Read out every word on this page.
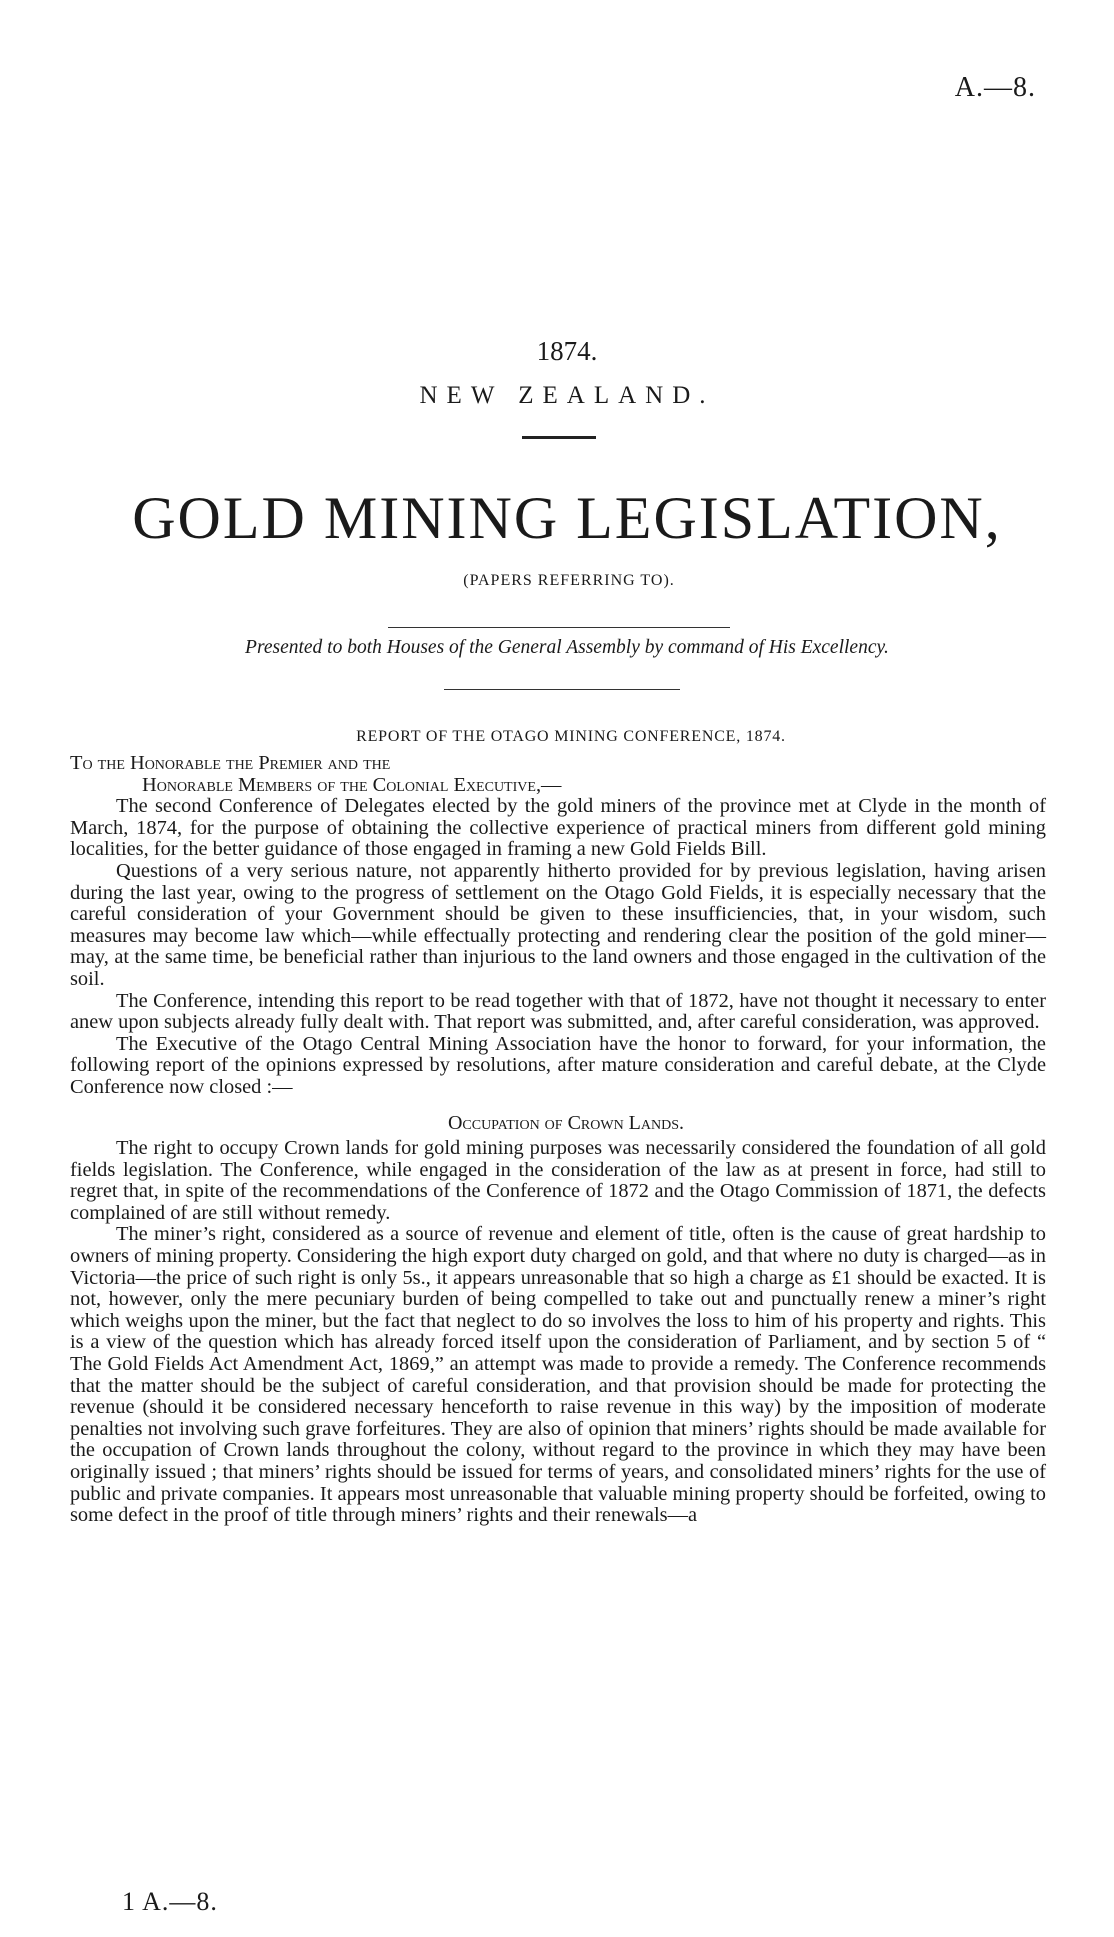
A.—8.
1874.
NEW ZEALAND.
GOLD MINING LEGISLATION,
(PAPERS REFERRING TO).
Presented to both Houses of the General Assembly by command of His Excellency.
REPORT OF THE OTAGO MINING CONFERENCE, 1874.
To the Honorable the Premier and the
Honorable Members of the Colonial Executive,—

The second Conference of Delegates elected by the gold miners of the province met at Clyde in the month of March, 1874, for the purpose of obtaining the collective experience of practical miners from different gold mining localities, for the better guidance of those engaged in framing a new Gold Fields Bill.

Questions of a very serious nature, not apparently hitherto provided for by previous legislation, having arisen during the last year, owing to the progress of settlement on the Otago Gold Fields, it is especially necessary that the careful consideration of your Government should be given to these insufficiencies, that, in your wisdom, such measures may become law which—while effectually protecting and rendering clear the position of the gold miner—may, at the same time, be beneficial rather than injurious to the land owners and those engaged in the cultivation of the soil.

The Conference, intending this report to be read together with that of 1872, have not thought it necessary to enter anew upon subjects already fully dealt with. That report was submitted, and, after careful consideration, was approved.

The Executive of the Otago Central Mining Association have the honor to forward, for your information, the following report of the opinions expressed by resolutions, after mature consideration and careful debate, at the Clyde Conference now closed :—

Occupation of Crown Lands.

The right to occupy Crown lands for gold mining purposes was necessarily considered the foundation of all gold fields legislation. The Conference, while engaged in the consideration of the law as at present in force, had still to regret that, in spite of the recommendations of the Conference of 1872 and the Otago Commission of 1871, the defects complained of are still without remedy.

The miner’s right, considered as a source of revenue and element of title, often is the cause of great hardship to owners of mining property. Considering the high export duty charged on gold, and that where no duty is charged—as in Victoria—the price of such right is only 5s., it appears unreasonable that so high a charge as £1 should be exacted. It is not, however, only the mere pecuniary burden of being compelled to take out and punctually renew a miner’s right which weighs upon the miner, but the fact that neglect to do so involves the loss to him of his property and rights. This is a view of the question which has already forced itself upon the consideration of Parliament, and by section 5 of “ The Gold Fields Act Amendment Act, 1869,” an attempt was made to provide a remedy. The Conference recommends that the matter should be the subject of careful consideration, and that provision should be made for protecting the revenue (should it be considered necessary henceforth to raise revenue in this way) by the imposition of moderate penalties not involving such grave forfeitures. They are also of opinion that miners’ rights should be made available for the occupation of Crown lands throughout the colony, without regard to the province in which they may have been originally issued ; that miners’ rights should be issued for terms of years, and consolidated miners’ rights for the use of public and private companies. It appears most unreasonable that valuable mining property should be forfeited, owing to some defect in the proof of title through miners’ rights and their renewals—a

1 A.—8.
